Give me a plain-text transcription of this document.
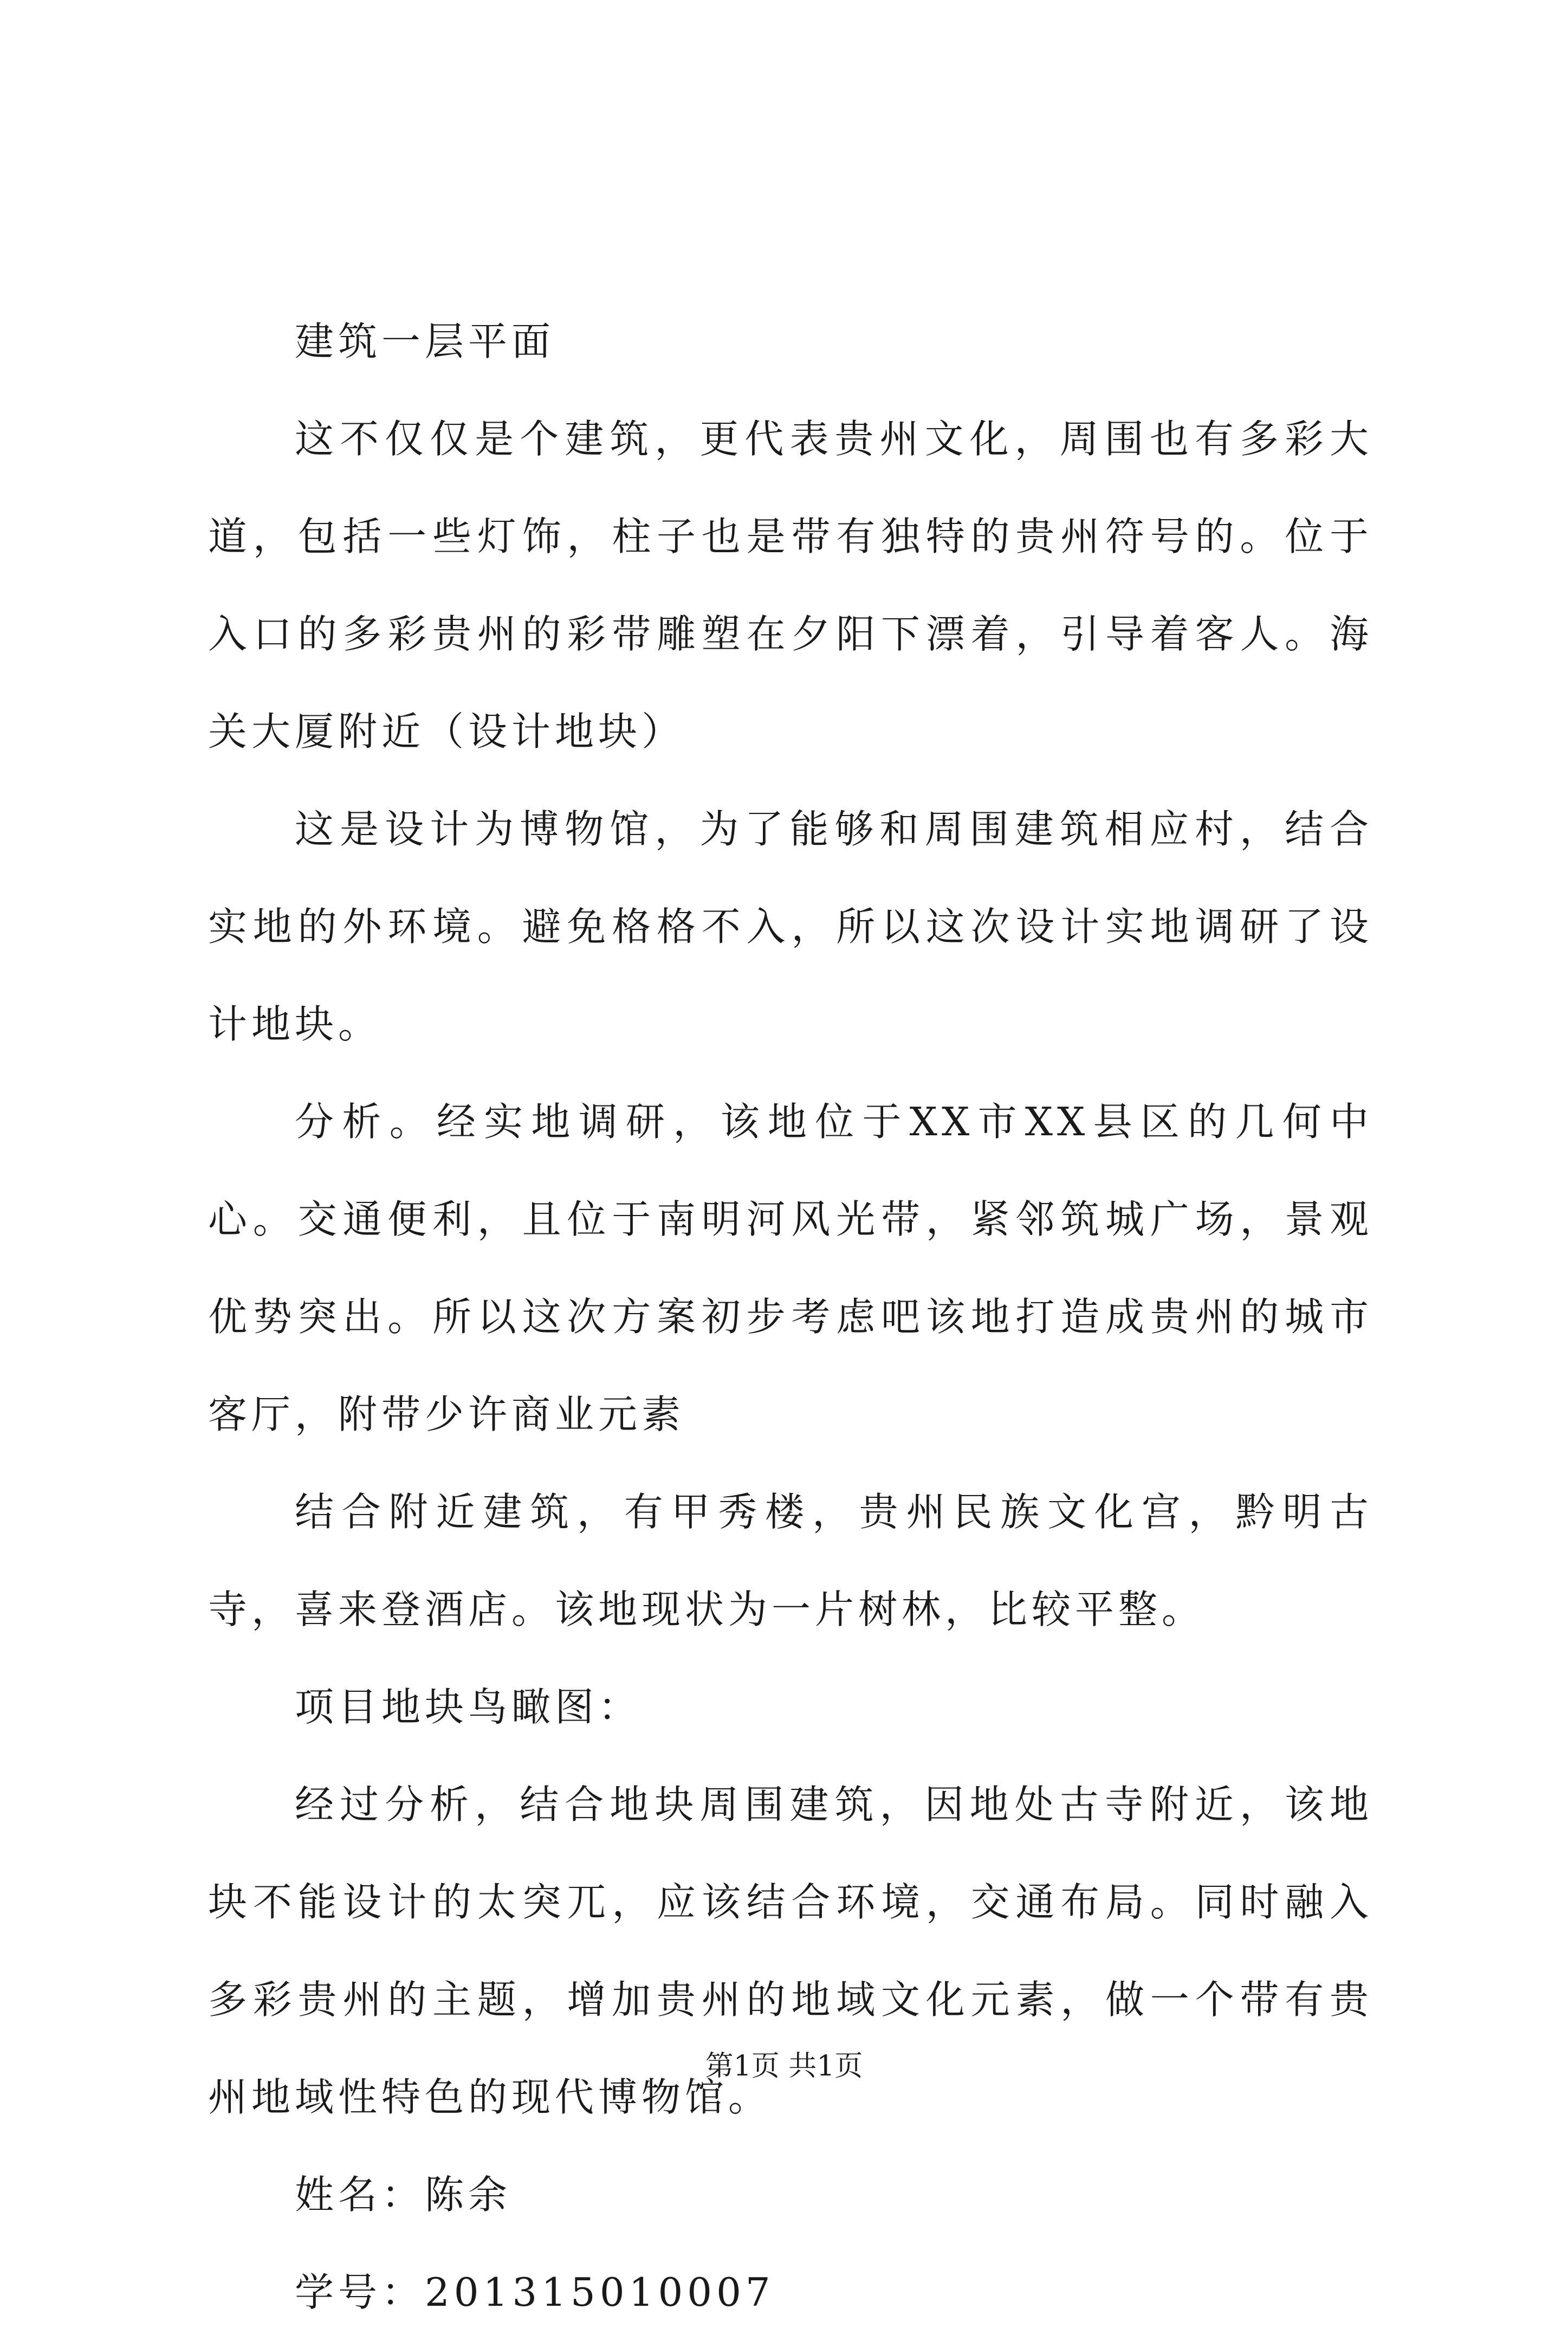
建筑一层平面

这不仅仅是个建筑，更代表贵州文化，周围也有多彩大道，包括一些灯饰，柱子也是带有独特的贵州符号的。位于入口的多彩贵州的彩带雕塑在夕阳下漂着，引导着客人。海关大厦附近（设计地块）

这是设计为博物馆，为了能够和周围建筑相应村，结合实地的外环境。避免格格不入，所以这次设计实地调研了设计地块。

分析。经实地调研，该地位于XX市XX县区的几何中心。交通便利，且位于南明河风光带，紧邻筑城广场，景观优势突出。所以这次方案初步考虑吧该地打造成贵州的城市客厅，附带少许商业元素

结合附近建筑，有甲秀楼，贵州民族文化宫，黔明古寺，喜来登酒店。该地现状为一片树林，比较平整。

项目地块鸟瞰图：

经过分析，结合地块周围建筑，因地处古寺附近，该地块不能设计的太突兀，应该结合环境，交通布局。同时融入多彩贵州的主题，增加贵州的地域文化元素，做一个带有贵州地域性特色的现代博物馆。

姓名：陈余

学号：201315010007

第1页 共1页
